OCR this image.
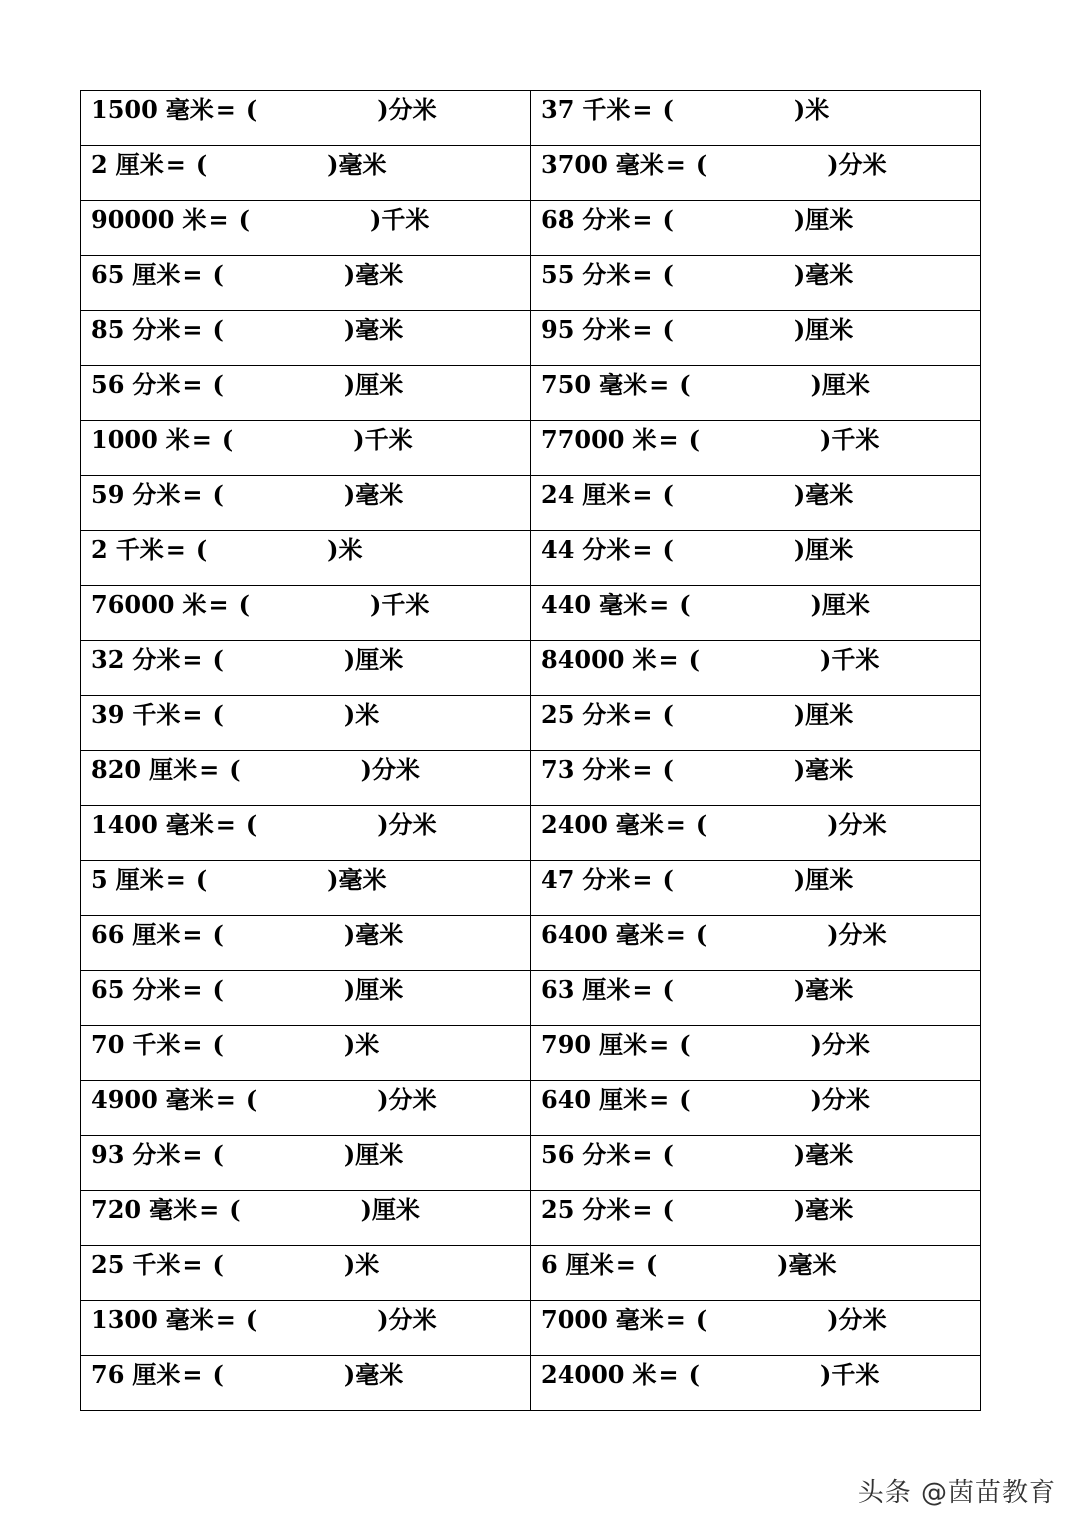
1500 毫米= ( )分米	37 千米= ( )米
2 厘米= ( )毫米	3700 毫米= ( )分米
90000 米= ( )千米	68 分米= ( )厘米
65 厘米= ( )毫米	55 分米= ( )毫米
85 分米= ( )毫米	95 分米= ( )厘米
56 分米= ( )厘米	750 毫米= ( )厘米
1000 米= ( )千米	77000 米= ( )千米
59 分米= ( )毫米	24 厘米= ( )毫米
2 千米= ( )米	44 分米= ( )厘米
76000 米= ( )千米	440 毫米= ( )厘米
32 分米= ( )厘米	84000 米= ( )千米
39 千米= ( )米	25 分米= ( )厘米
820 厘米= ( )分米	73 分米= ( )毫米
1400 毫米= ( )分米	2400 毫米= ( )分米
5 厘米= ( )毫米	47 分米= ( )厘米
66 厘米= ( )毫米	6400 毫米= ( )分米
65 分米= ( )厘米	63 厘米= ( )毫米
70 千米= ( )米	790 厘米= ( )分米
4900 毫米= ( )分米	640 厘米= ( )分米
93 分米= ( )厘米	56 分米= ( )毫米
720 毫米= ( )厘米	25 分米= ( )毫米
25 千米= ( )米	6 厘米= ( )毫米
1300 毫米= ( )分米	7000 毫米= ( )分米
76 厘米= ( )毫米	24000 米= ( )千米
头条 @茵苗教育
